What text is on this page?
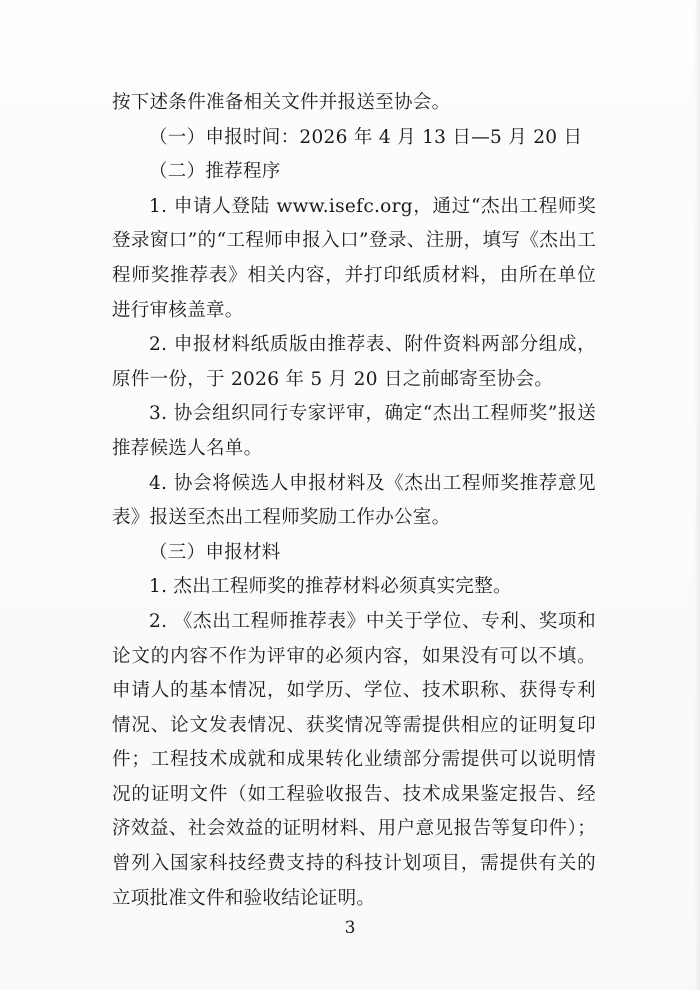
按下述条件准备相关文件并报送至协会。

（一）申报时间：2026 年 4 月 13 日—5 月 20 日

（二）推荐程序

1. 申请人登陆 www.isefc.org，通过“杰出工程师奖登录窗口”的“工程师申报入口”登录、注册，填写《杰出工程师奖推荐表》相关内容，并打印纸质材料，由所在单位进行审核盖章。

2. 申报材料纸质版由推荐表、附件资料两部分组成，原件一份，于 2026 年 5 月 20 日之前邮寄至协会。

3. 协会组织同行专家评审，确定“杰出工程师奖”报送推荐候选人名单。

4. 协会将候选人申报材料及《杰出工程师奖推荐意见表》报送至杰出工程师奖励工作办公室。

（三）申报材料

1. 杰出工程师奖的推荐材料必须真实完整。

2. 《杰出工程师推荐表》中关于学位、专利、奖项和论文的内容不作为评审的必须内容，如果没有可以不填。申请人的基本情况，如学历、学位、技术职称、获得专利情况、论文发表情况、获奖情况等需提供相应的证明复印件；工程技术成就和成果转化业绩部分需提供可以说明情况的证明文件（如工程验收报告、技术成果鉴定报告、经济效益、社会效益的证明材料、用户意见报告等复印件）；曾列入国家科技经费支持的科技计划项目，需提供有关的立项批准文件和验收结论证明。

3
